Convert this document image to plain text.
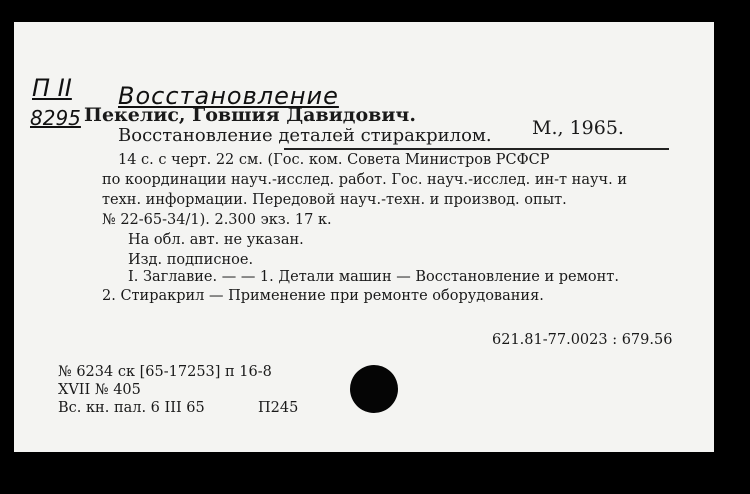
П II Восстановление
8295 Пекелис, Говшия Давидович.
Восстановление деталей стиракрилом. М., 1965.
14 с. с черт. 22 см. (Гос. ком. Совета Министров РСФСР
по координации науч.-исслед. работ. Гос. науч.-исслед. ин-т науч. и
техн. информации. Передовой науч.-техн. и производ. опыт.
№ 22-65-34/1). 2.300 экз. 17 к.
На обл. авт. не указан.
Изд. подписное.
I. Заглавие. — — 1. Детали машин — Восстановление и ремонт.
2. Стиракрил — Применение при ремонте оборудования.
621.81-77.0023 : 679.56
№ 6234 ск [65-17253] п 16-8
XVII № 405
Вс. кн. пал. 6 III 65	П245
